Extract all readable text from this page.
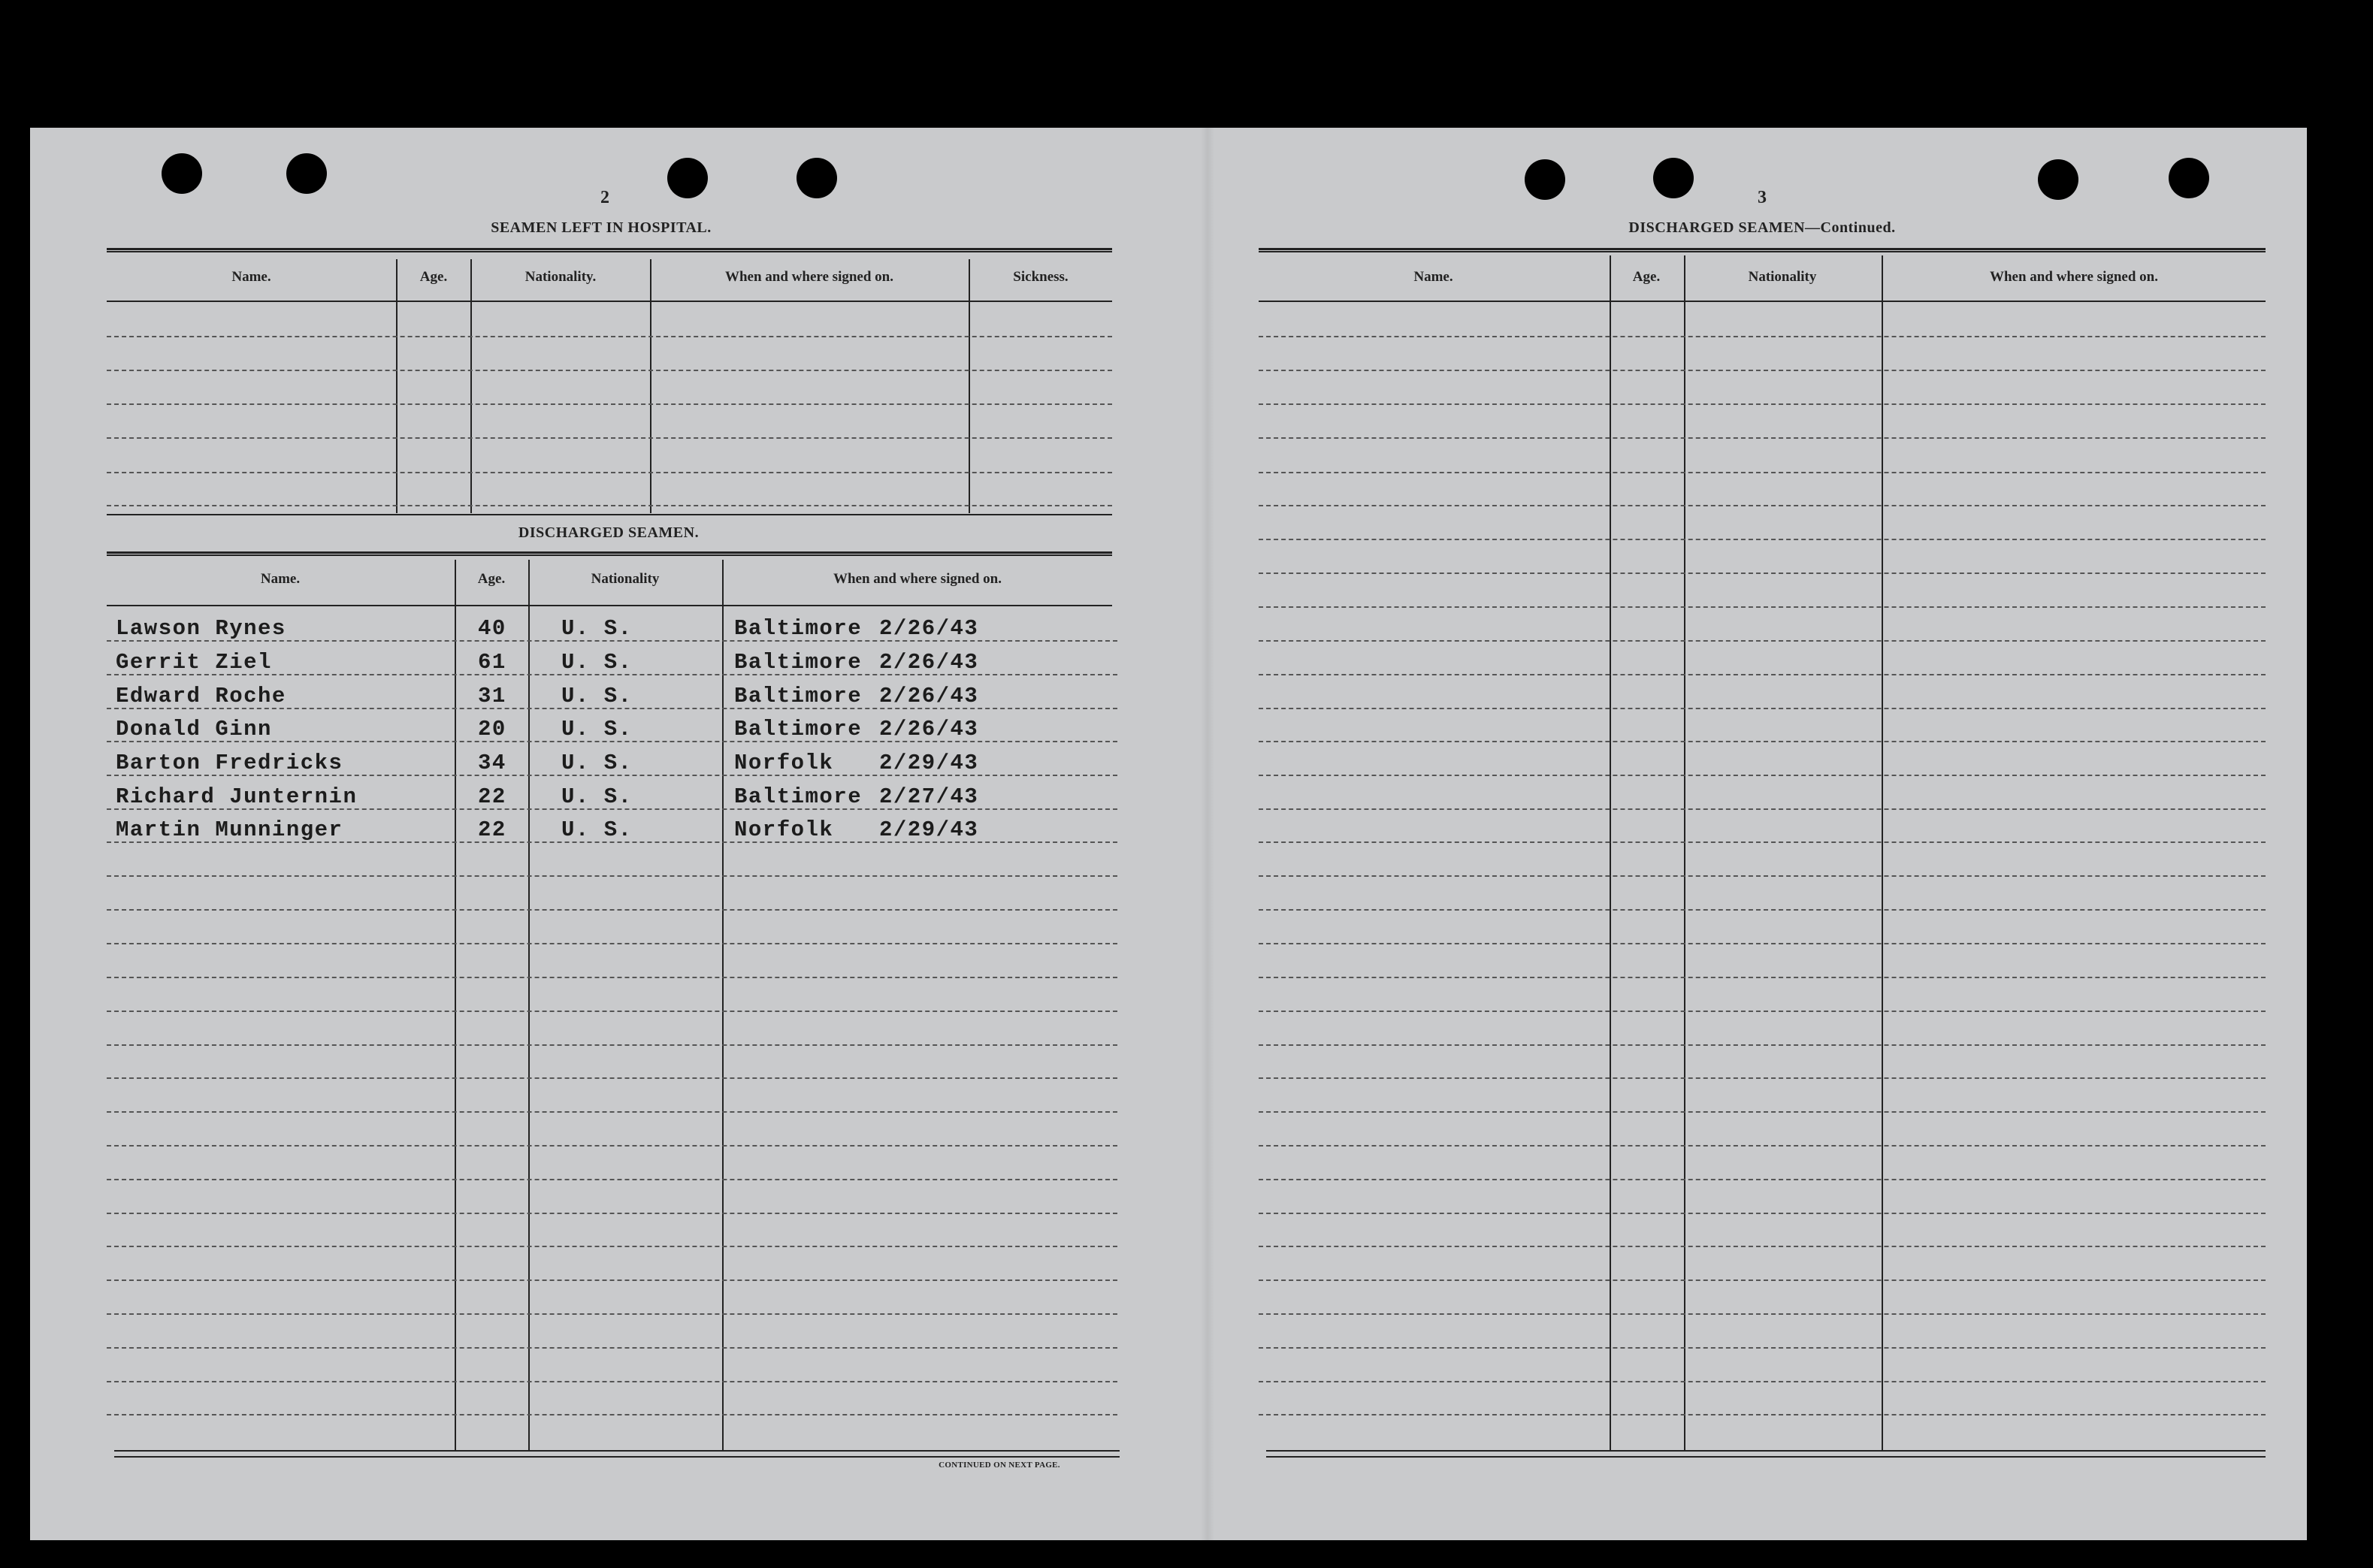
2
SEAMEN LEFT IN HOSPITAL.
Name.	Age.	Nationality.	When and where signed on.	Sickness.
DISCHARGED SEAMEN.
Name.	Age.	Nationality	When and where signed on.
Lawson Rynes	40	U. S.	Baltimore 2/26/43
Gerrit Ziel	61	U. S.	Baltimore 2/26/43
Edward Roche	31	U. S.	Baltimore 2/26/43
Donald Ginn	20	U. S.	Baltimore 2/26/43
Barton Fredricks	34	U. S.	Norfolk 2/29/43
Richard Junternin	22	U. S.	Baltimore 2/27/43
Martin Munninger	22	U. S.	Norfolk 2/29/43
CONTINUED ON NEXT PAGE.
3
DISCHARGED SEAMEN—Continued.
Name.	Age.	Nationality	When and where signed on.
